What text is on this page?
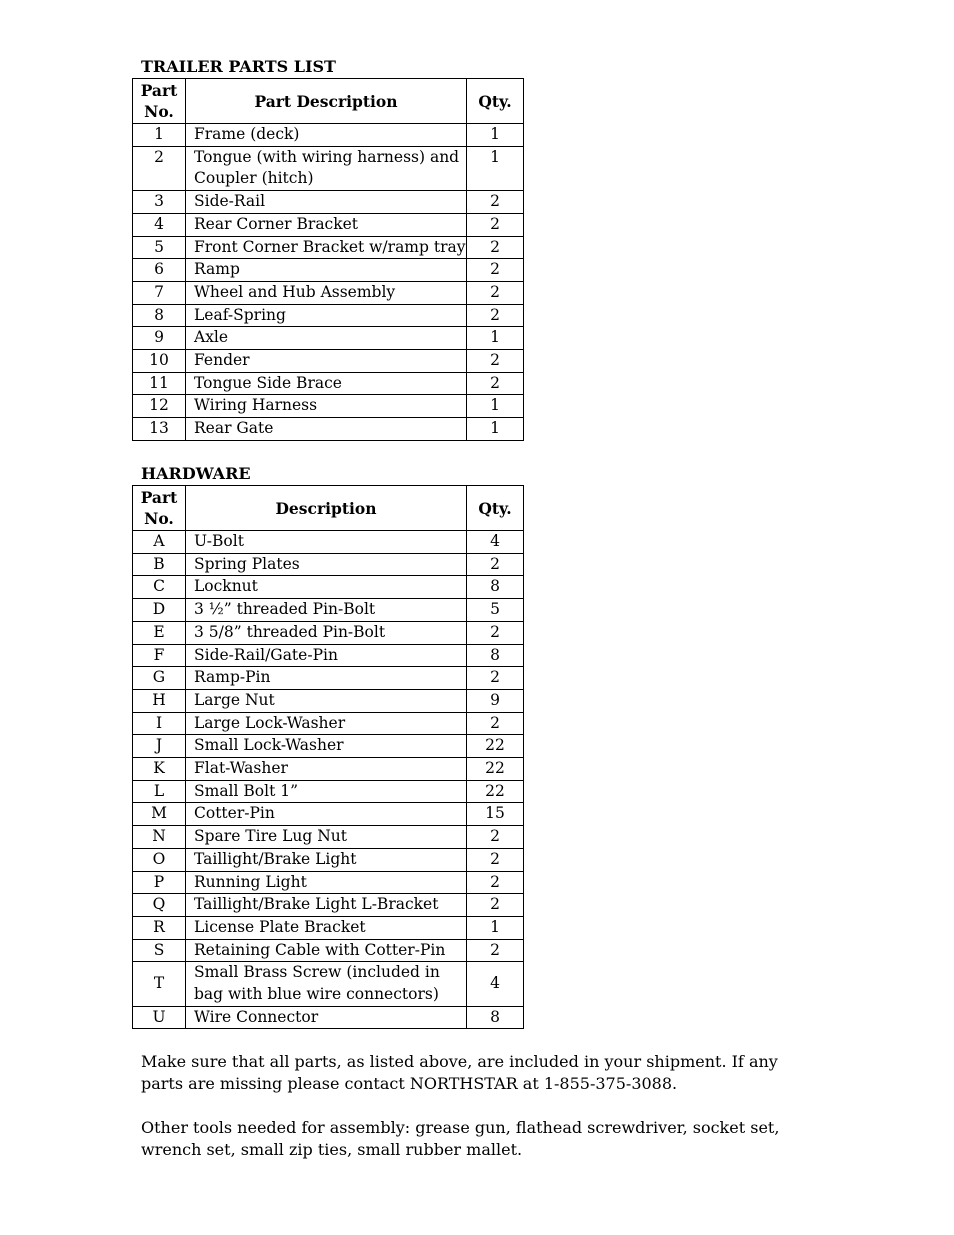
TRAILER PARTS LIST
Part No.	Part Description	Qty.
1	Frame (deck)	1
2	Tongue (with wiring harness) and Coupler (hitch)	1
3	Side-Rail	2
4	Rear Corner Bracket	2
5	Front Corner Bracket w/ramp tray	2
6	Ramp	2
7	Wheel and Hub Assembly	2
8	Leaf-Spring	2
9	Axle	1
10	Fender	2
11	Tongue Side Brace	2
12	Wiring Harness	1
13	Rear Gate	1
HARDWARE
Part No.	Description	Qty.
A	U-Bolt	4
B	Spring Plates	2
C	Locknut	8
D	3 ½” threaded Pin-Bolt	5
E	3 5/8” threaded Pin-Bolt	2
F	Side-Rail/Gate-Pin	8
G	Ramp-Pin	2
H	Large Nut	9
I	Large Lock-Washer	2
J	Small Lock-Washer	22
K	Flat-Washer	22
L	Small Bolt 1”	22
M	Cotter-Pin	15
N	Spare Tire Lug Nut	2
O	Taillight/Brake Light	2
P	Running Light	2
Q	Taillight/Brake Light L-Bracket	2
R	License Plate Bracket	1
S	Retaining Cable with Cotter-Pin	2
T	Small Brass Screw (included in bag with blue wire connectors)	4
U	Wire Connector	8

Make sure that all parts, as listed above, are included in your shipment. If any parts are missing please contact NORTHSTAR at 1-855-375-3088.

Other tools needed for assembly: grease gun, flathead screwdriver, socket set, wrench set, small zip ties, small rubber mallet.
